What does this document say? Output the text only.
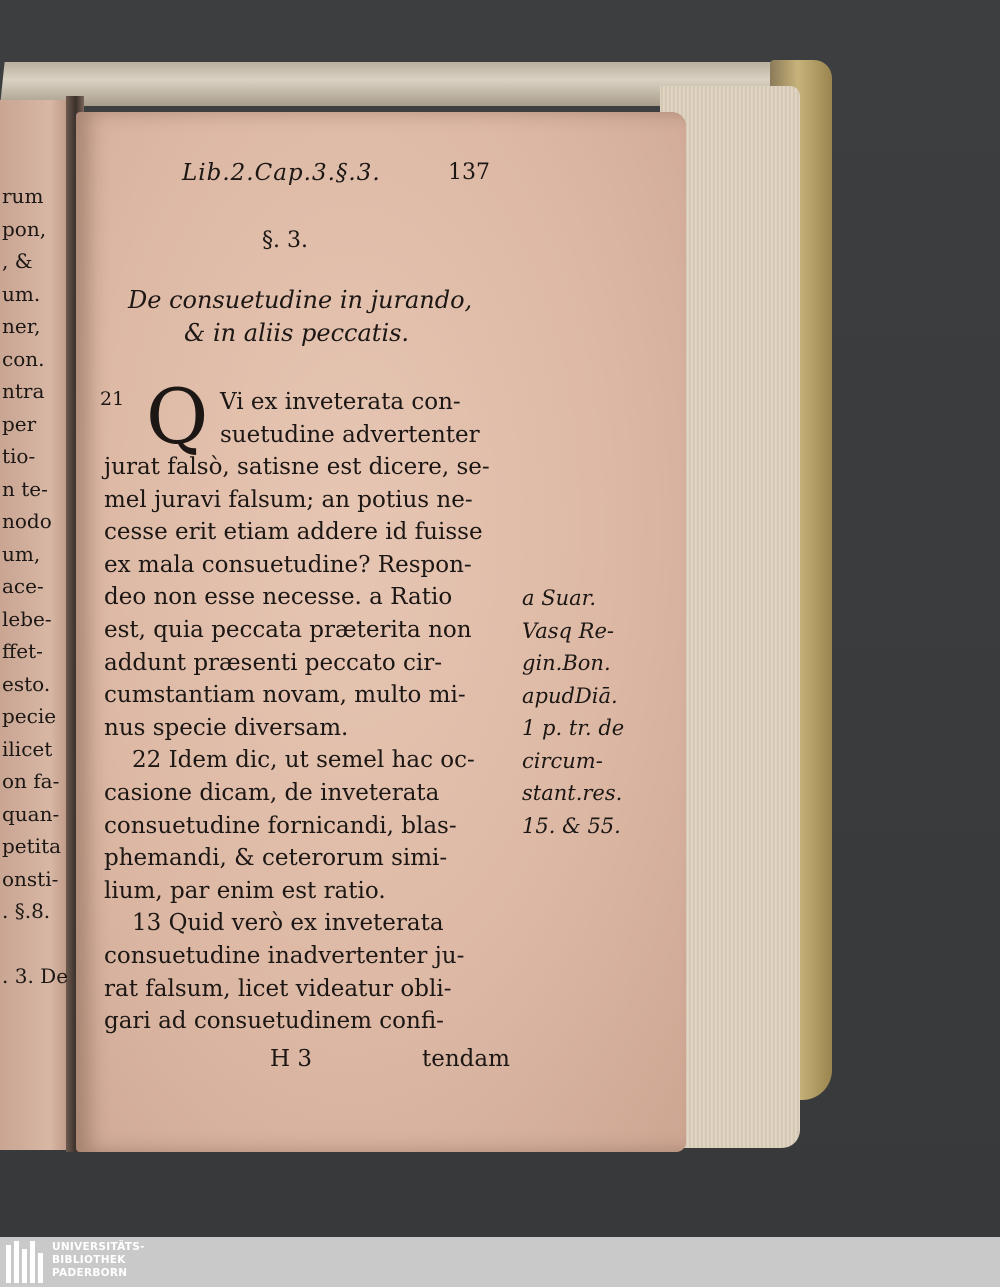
rum
pon,
, &
um.
ner,
con.
ntra
per
tio-
n te-
nodo
um,
ace-
lebe-
ffet-
esto.
pecie
ilicet
on fa-
quan-
petita
onsti-
. §.8.
. 3. De
Lib.2.Cap.3.§.3.	137
§. 3.
De consuetudine in jurando,
& in aliis peccatis.
21 Q Vi ex inveterata con-
suetudine advertenter
jurat falsò, satisne est dicere, se-
mel juravi falsum; an potius ne-
cesse erit etiam addere id fuisse
ex mala consuetudine? Respon-
deo non esse necesse. a Ratio
est, quia peccata præterita non
addunt præsenti peccato cir-
cumstantiam novam, multo mi-
nus specie diversam.
22 Idem dic, ut semel hac oc-
casione dicam, de inveterata
consuetudine fornicandi, blas-
phemandi, & ceterorum simi-
lium, par enim est ratio.
13 Quid verò ex inveterata
consuetudine inadvertenter ju-
rat falsum, licet videatur obli-
gari ad consuetudinem confi-
a Suar.
Vasq Re-
gin.Bon.
apudDiā.
1 p. tr. de
circum-
stant.res.
15. & 55.
H 3	tendam
UNIVERSITÄTS-
BIBLIOTHEK
PADERBORN
